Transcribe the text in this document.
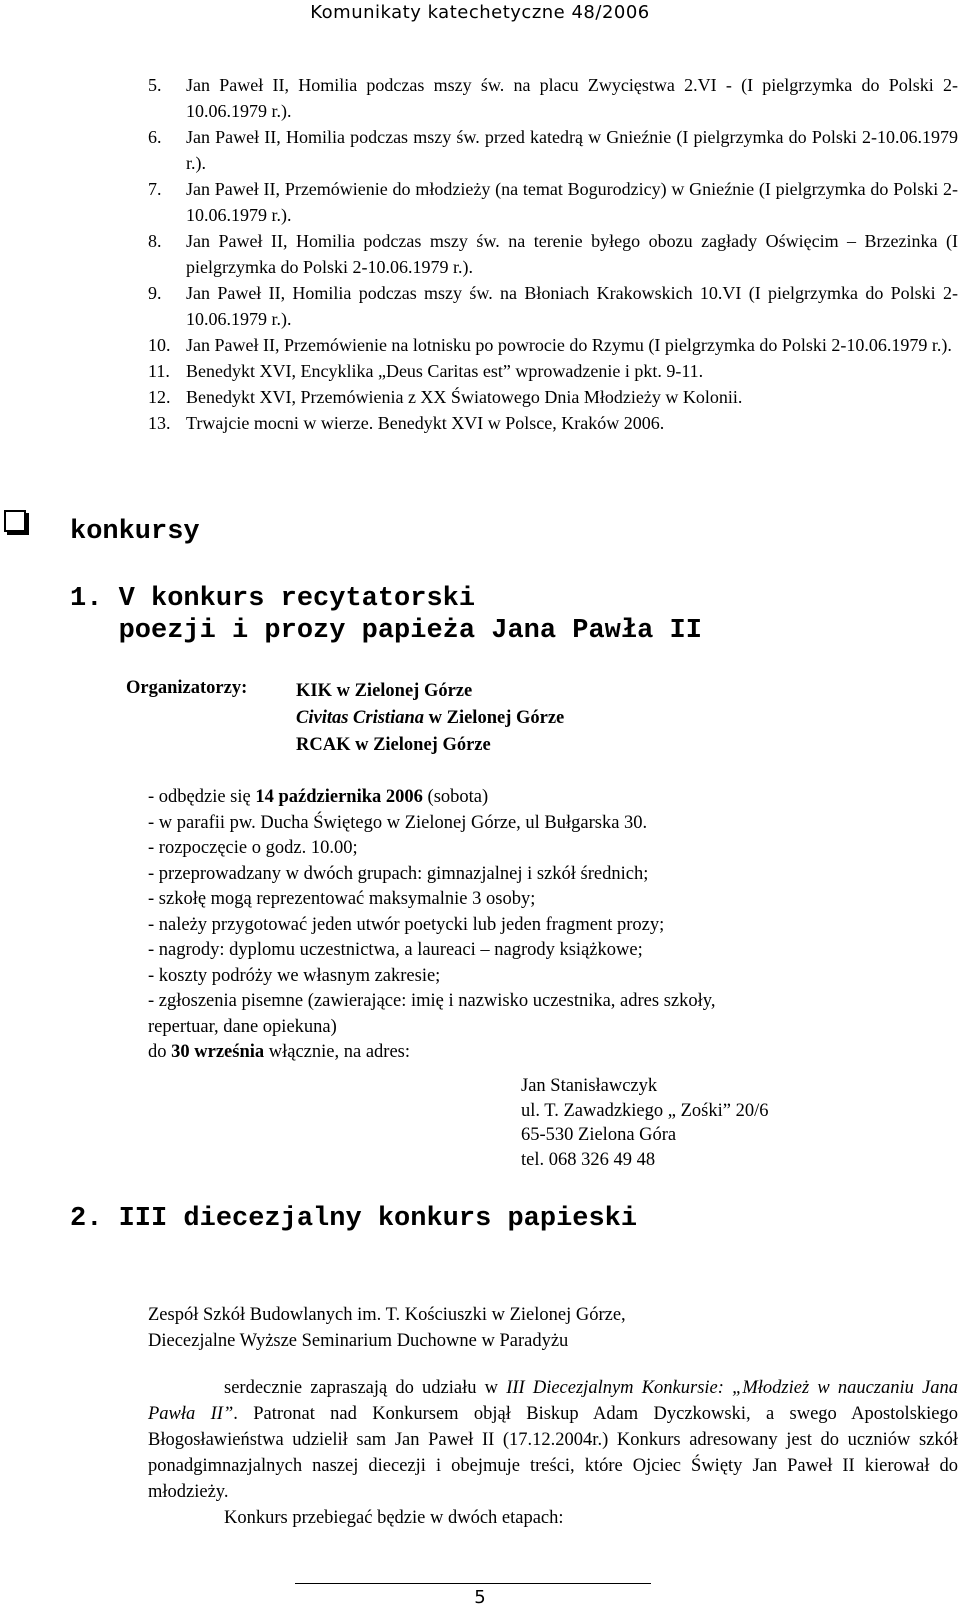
Komunikaty katechetyczne 48/2006
5. Jan Paweł II, Homilia podczas mszy św. na placu Zwycięstwa 2.VI - (I pielgrzymka do Polski 2-10.06.1979 r.).
6. Jan Paweł II, Homilia podczas mszy św. przed katedrą w Gnieźnie (I pielgrzymka do Polski 2-10.06.1979 r.).
7. Jan Paweł II, Przemówienie do młodzieży (na temat Bogurodzicy) w Gnieźnie (I pielgrzymka do Polski 2-10.06.1979 r.).
8. Jan Paweł II, Homilia podczas mszy św. na terenie byłego obozu zagłady Oświęcim – Brzezinka (I pielgrzymka do Polski 2-10.06.1979 r.).
9. Jan Paweł II, Homilia podczas mszy św. na Błoniach Krakowskich 10.VI (I pielgrzymka do Polski 2-10.06.1979 r.).
10. Jan Paweł II, Przemówienie na lotnisku po powrocie do Rzymu (I pielgrzymka do Polski 2-10.06.1979 r.).
11. Benedykt XVI, Encyklika „Deus Caritas est” wprowadzenie i pkt. 9-11.
12. Benedykt XVI, Przemówienia z XX Światowego Dnia Młodzieży w Kolonii.
13. Trwajcie mocni w wierze. Benedykt XVI w Polsce, Kraków 2006.
konkursy
1. V konkurs recytatorski
poezji i prozy papieża Jana Pawła II
Organizatorzy:	KIK w Zielonej Górze
Civitas Cristiana w Zielonej Górze
RCAK w Zielonej Górze
- odbędzie się 14 października 2006 (sobota)
- w parafii pw. Ducha Świętego w Zielonej Górze, ul Bułgarska 30.
- rozpoczęcie o godz. 10.00;
- przeprowadzany w dwóch grupach: gimnazjalnej i szkół średnich;
- szkołę mogą reprezentować maksymalnie 3 osoby;
- należy przygotować jeden utwór poetycki lub jeden fragment prozy;
- nagrody: dyplomu uczestnictwa, a laureaci – nagrody książkowe;
- koszty podróży we własnym zakresie;
- zgłoszenia pisemne (zawierające: imię i nazwisko uczestnika, adres szkoły,
repertuar, dane opiekuna)
do 30 września włącznie, na adres:
Jan Stanisławczyk
ul. T. Zawadzkiego „ Zośki” 20/6
65-530 Zielona Góra
tel. 068 326 49 48
2. III diecezjalny konkurs papieski
Zespół Szkół Budowlanych im. T. Kościuszki w Zielonej Górze,
Diecezjalne Wyższe Seminarium Duchowne w Paradyżu
serdecznie zapraszają do udziału w III Diecezjalnym Konkursie: „Młodzież w nauczaniu Jana Pawła II”. Patronat nad Konkursem objął Biskup Adam Dyczkowski, a swego Apostolskiego Błogosławieństwa udzielił sam Jan Paweł II (17.12.2004r.) Konkurs adresowany jest do uczniów szkół ponadgimnazjalnych naszej diecezji i obejmuje treści, które Ojciec Święty Jan Paweł II kierował do młodzieży.
Konkurs przebiegać będzie w dwóch etapach:
5
